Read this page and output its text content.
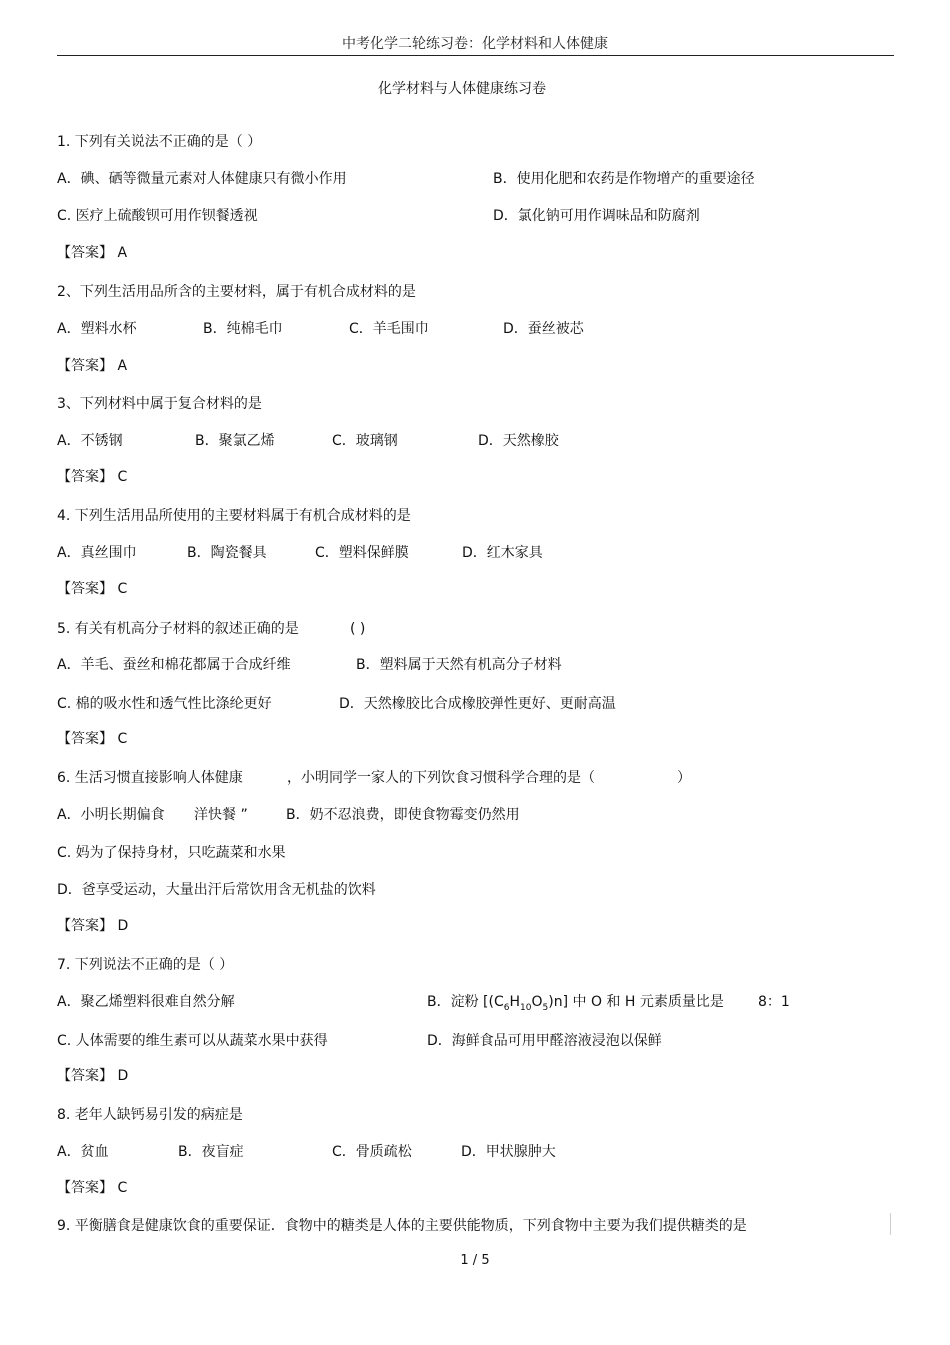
中考化学二轮练习卷：化学材料和人体健康
化学材料与人体健康练习卷
1. 下列有关说法不正确的是（ ）
A．碘、硒等微量元素对人体健康只有微小作用	B．使用化肥和农药是作物增产的重要途径
C. 医疗上硫酸钡可用作钡餐透视	D．氯化钠可用作调味品和防腐剂
【答案】 A
2、下列生活用品所含的主要材料，属于有机合成材料的是
A．塑料水杯	B．纯棉毛巾	C．羊毛围巾	D．蚕丝被芯
【答案】 A
3、下列材料中属于复合材料的是
A．不锈钢	B．聚氯乙烯	C．玻璃钢	D．天然橡胶
【答案】 C
4. 下列生活用品所使用的主要材料属于有机合成材料的是
A．真丝围巾	B．陶瓷餐具	C．塑料保鲜膜	D．红木家具
【答案】 C
5. 有关有机高分子材料的叙述正确的是	( )
A．羊毛、蚕丝和棉花都属于合成纤维	B．塑料属于天然有机高分子材料
C. 棉的吸水性和透气性比涤纶更好	D．天然橡胶比合成橡胶弹性更好、更耐高温
【答案】 C
6. 生活习惯直接影响人体健康	，小明同学一家人的下列饮食习惯科学合理的是（	）
A．小明长期偏食 洋快餐 ”	B．奶不忍浪费，即使食物霉变仍然用
C. 妈为了保持身材，只吃蔬菜和水果
D．爸享受运动，大量出汗后常饮用含无机盐的饮料
【答案】 D
7. 下列说法不正确的是（ ）
A．聚乙烯塑料很难自然分解	B．淀粉 $[(C_6H_{10}O_5)n]$ 中 O 和 H 元素质量比是 8：1
C. 人体需要的维生素可以从蔬菜水果中获得	D．海鲜食品可用甲醛溶液浸泡以保鲜
【答案】 D
8. 老年人缺钙易引发的病症是
A．贫血	B．夜盲症	C．骨质疏松	D．甲状腺肿大
【答案】 C
9. 平衡膳食是健康饮食的重要保证．食物中的糖类是人体的主要供能物质，下列食物中主要为我们提供糖类的是
1 / 5
